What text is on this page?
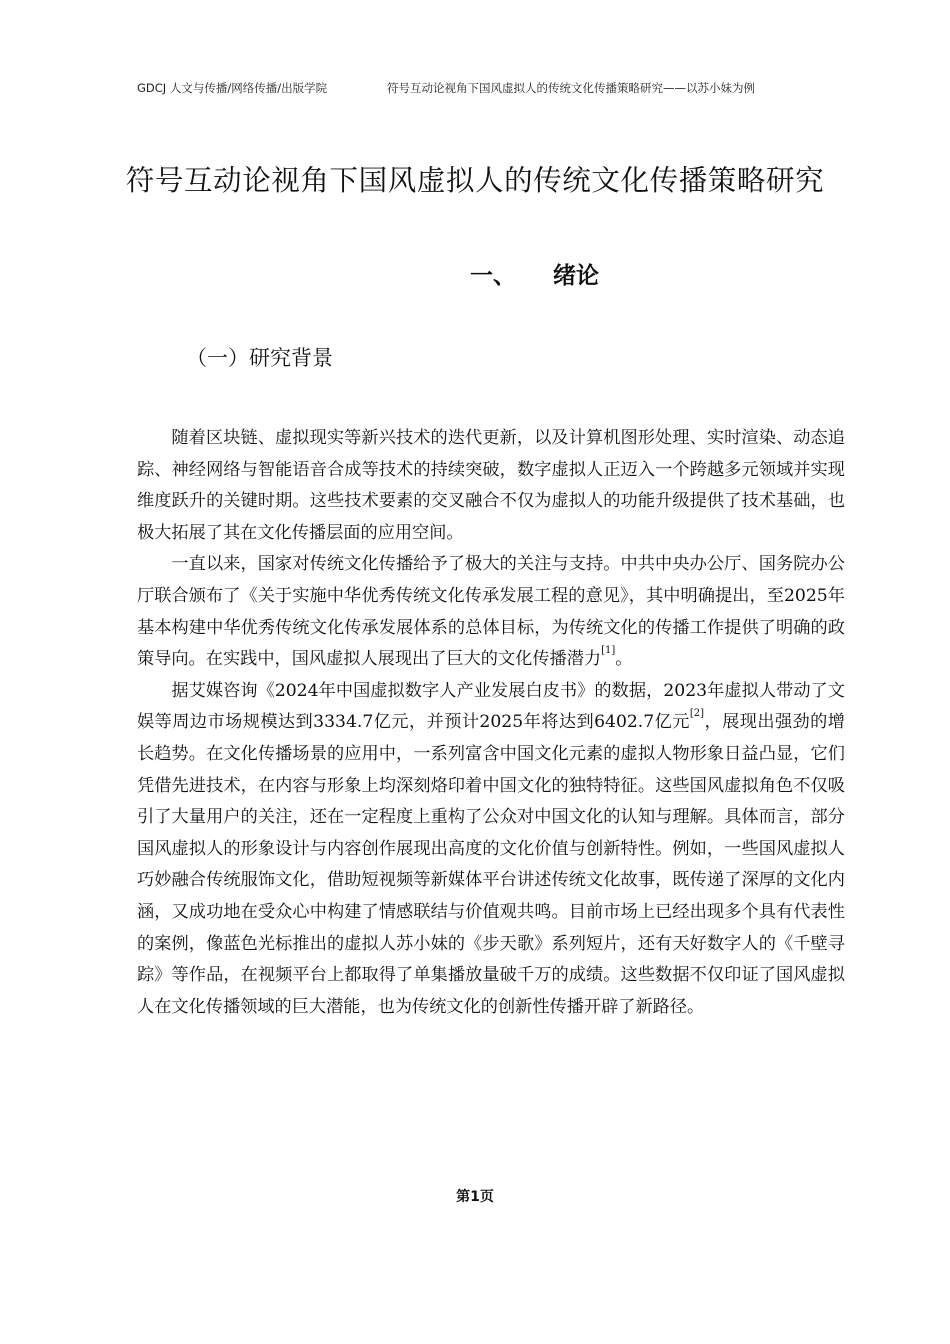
GDCJ 人文与传播/网络传播/出版学院	符号互动论视角下国风虚拟人的传统文化传播策略研究——以苏小妹为例
符号互动论视角下国风虚拟人的传统文化传播策略研究
一、 绪论
（一）研究背景

随着区块链、虚拟现实等新兴技术的迭代更新，以及计算机图形处理、实时渲染、动态追踪、神经网络与智能语音合成等技术的持续突破，数字虚拟人正迈入一个跨越多元领域并实现维度跃升的关键时期。这些技术要素的交叉融合不仅为虚拟人的功能升级提供了技术基础，也极大拓展了其在文化传播层面的应用空间。

一直以来，国家对传统文化传播给予了极大的关注与支持。中共中央办公厅、国务院办公厅联合颁布了《关于实施中华优秀传统文化传承发展工程的意见》，其中明确提出，至2025年基本构建中华优秀传统文化传承发展体系的总体目标，为传统文化的传播工作提供了明确的政策导向。在实践中，国风虚拟人展现出了巨大的文化传播潜力[1]。

据艾媒咨询《2024年中国虚拟数字人产业发展白皮书》的数据，2023年虚拟人带动了文娱等周边市场规模达到3334.7亿元，并预计2025年将达到6402.7亿元[2]，展现出强劲的增长趋势。在文化传播场景的应用中，一系列富含中国文化元素的虚拟人物形象日益凸显，它们凭借先进技术，在内容与形象上均深刻烙印着中国文化的独特特征。这些国风虚拟角色不仅吸引了大量用户的关注，还在一定程度上重构了公众对中国文化的认知与理解。具体而言，部分国风虚拟人的形象设计与内容创作展现出高度的文化价值与创新特性。例如，一些国风虚拟人巧妙融合传统服饰文化，借助短视频等新媒体平台讲述传统文化故事，既传递了深厚的文化内涵，又成功地在受众心中构建了情感联结与价值观共鸣。目前市场上已经出现多个具有代表性的案例，像蓝色光标推出的虚拟人苏小妹的《步天歌》系列短片，还有天好数字人的《千壁寻踪》等作品，在视频平台上都取得了单集播放量破千万的成绩。这些数据不仅印证了国风虚拟人在文化传播领域的巨大潜能，也为传统文化的创新性传播开辟了新路径。

第1页
